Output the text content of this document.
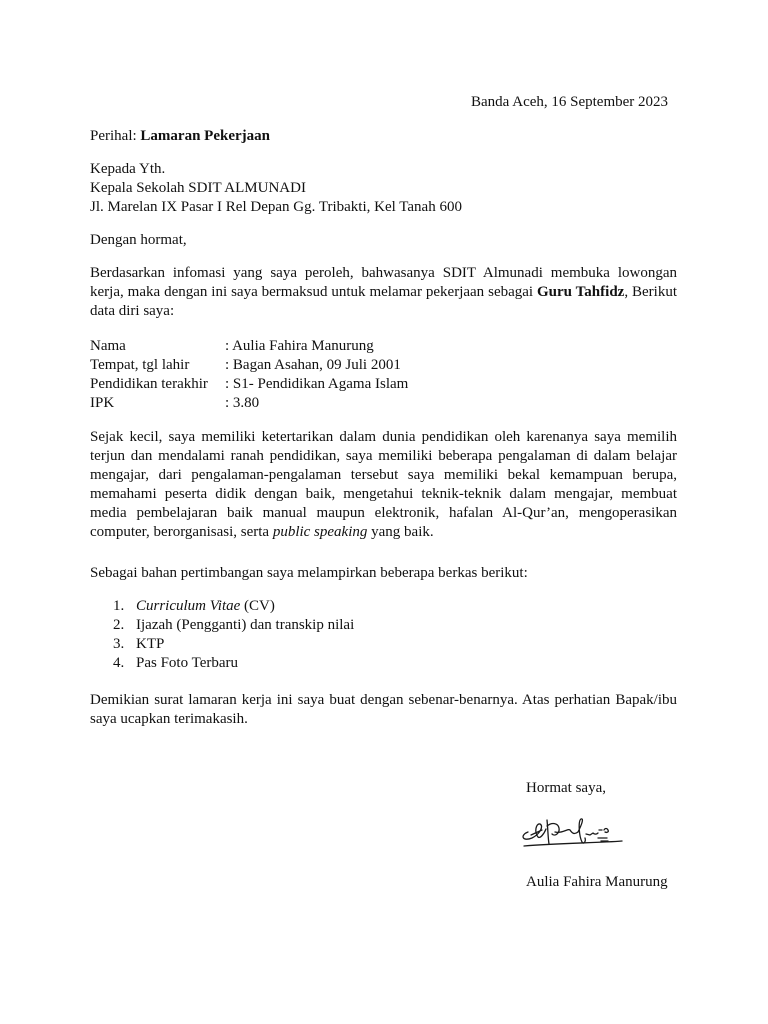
Banda Aceh, 16 September 2023
Perihal: Lamaran Pekerjaan
Kepada Yth.
Kepala Sekolah SDIT ALMUNADI
Jl. Marelan IX Pasar I Rel Depan Gg. Tribakti, Kel Tanah 600
Dengan hormat,
Berdasarkan infomasi yang saya peroleh, bahwasanya SDIT Almunadi membuka lowongan kerja, maka dengan ini saya bermaksud untuk melamar pekerjaan sebagai Guru Tahfidz, Berikut data diri saya:
Nama	: Aulia Fahira Manurung
Tempat, tgl lahir	: Bagan Asahan, 09 Juli 2001
Pendidikan terakhir	: S1- Pendidikan Agama Islam
IPK	: 3.80
Sejak kecil, saya memiliki ketertarikan dalam dunia pendidikan oleh karenanya saya memilih terjun dan mendalami ranah pendidikan, saya memiliki beberapa pengalaman di dalam belajar mengajar, dari pengalaman-pengalaman tersebut saya memiliki bekal kemampuan berupa, memahami peserta didik dengan baik, mengetahui teknik-teknik dalam mengajar, membuat media pembelajaran baik manual maupun elektronik, hafalan Al-Qur’an, mengoperasikan computer, berorganisasi, serta public speaking yang baik.
Sebagai bahan pertimbangan saya melampirkan beberapa berkas berikut:
1. Curriculum Vitae (CV)
2. Ijazah (Pengganti) dan transkip nilai
3. KTP
4. Pas Foto Terbaru
Demikian surat lamaran kerja ini saya buat dengan sebenar-benarnya. Atas perhatian Bapak/ibu saya ucapkan terimakasih.
Hormat saya,
Aulia Fahira Manurung
